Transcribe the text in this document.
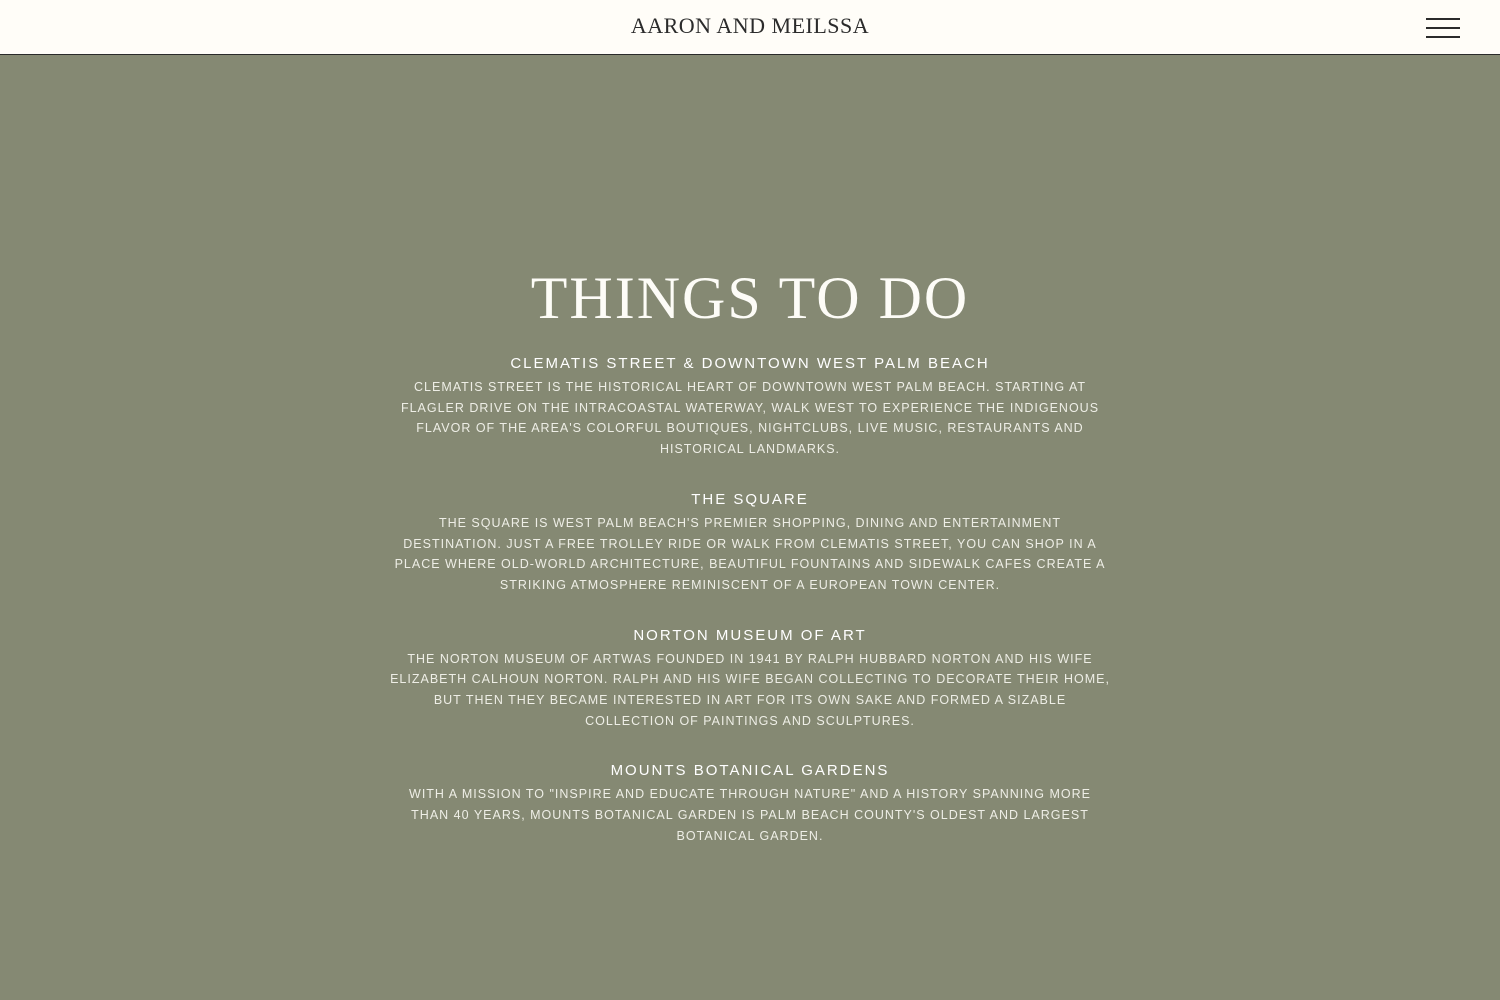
AARON AND MEILSSA
THINGS TO DO
CLEMATIS STREET & DOWNTOWN WEST PALM BEACH

CLEMATIS STREET IS THE HISTORICAL HEART OF DOWNTOWN WEST PALM BEACH. STARTING AT FLAGLER DRIVE ON THE INTRACOASTAL WATERWAY, WALK WEST TO EXPERIENCE THE INDIGENOUS FLAVOR OF THE AREA'S COLORFUL BOUTIQUES, NIGHTCLUBS, LIVE MUSIC, RESTAURANTS AND HISTORICAL LANDMARKS.

THE SQUARE

THE SQUARE IS WEST PALM BEACH'S PREMIER SHOPPING, DINING AND ENTERTAINMENT DESTINATION. JUST A FREE TROLLEY RIDE OR WALK FROM CLEMATIS STREET, YOU CAN SHOP IN A PLACE WHERE OLD-WORLD ARCHITECTURE, BEAUTIFUL FOUNTAINS AND SIDEWALK CAFES CREATE A STRIKING ATMOSPHERE REMINISCENT OF A EUROPEAN TOWN CENTER.

NORTON MUSEUM OF ART

THE NORTON MUSEUM OF ARTWAS FOUNDED IN 1941 BY RALPH HUBBARD NORTON AND HIS WIFE ELIZABETH CALHOUN NORTON. RALPH AND HIS WIFE BEGAN COLLECTING TO DECORATE THEIR HOME, BUT THEN THEY BECAME INTERESTED IN ART FOR ITS OWN SAKE AND FORMED A SIZABLE COLLECTION OF PAINTINGS AND SCULPTURES.

MOUNTS BOTANICAL GARDENS

WITH A MISSION TO "INSPIRE AND EDUCATE THROUGH NATURE" AND A HISTORY SPANNING MORE THAN 40 YEARS, MOUNTS BOTANICAL GARDEN IS PALM BEACH COUNTY'S OLDEST AND LARGEST BOTANICAL GARDEN.
